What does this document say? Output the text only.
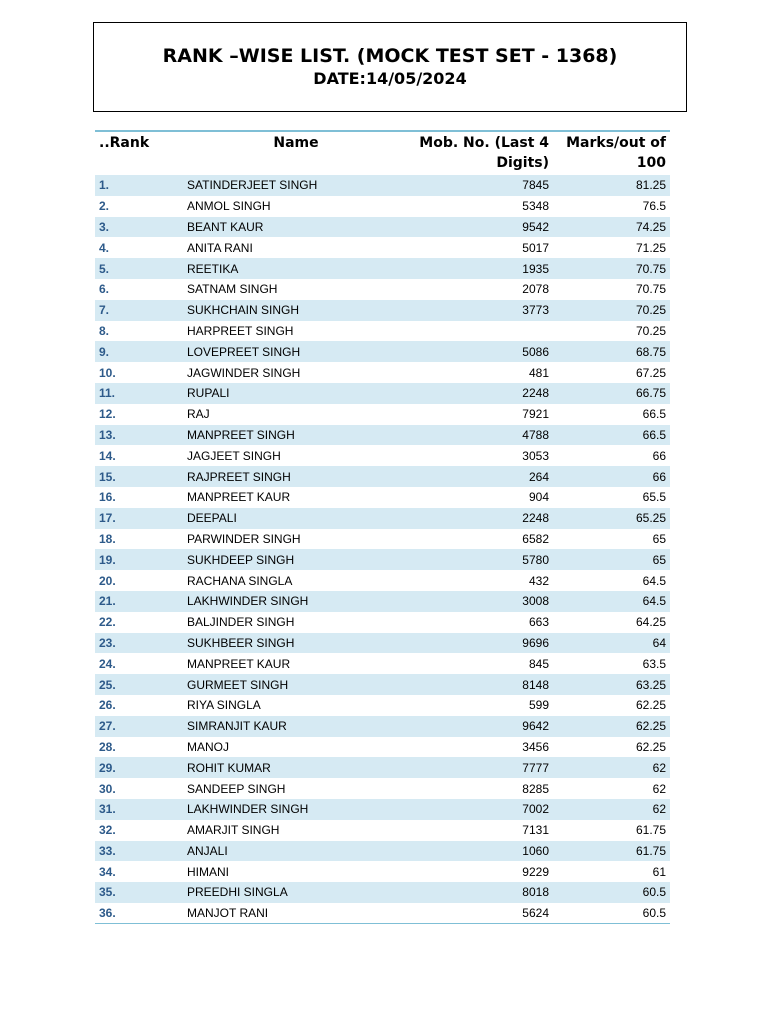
RANK –WISE LIST. (MOCK TEST SET - 1368)
DATE:14/05/2024
..Rank	Name	Mob. No. (Last 4 Digits)	Marks/out of 100
1.	SATINDERJEET SINGH	7845	81.25
2.	ANMOL SINGH	5348	76.5
3.	BEANT KAUR	9542	74.25
4.	ANITA RANI	5017	71.25
5.	REETIKA	1935	70.75
6.	SATNAM SINGH	2078	70.75
7.	SUKHCHAIN SINGH	3773	70.25
8.	HARPREET SINGH		70.25
9.	LOVEPREET SINGH	5086	68.75
10.	JAGWINDER SINGH	481	67.25
11.	RUPALI	2248	66.75
12.	RAJ	7921	66.5
13.	MANPREET SINGH	4788	66.5
14.	JAGJEET SINGH	3053	66
15.	RAJPREET SINGH	264	66
16.	MANPREET KAUR	904	65.5
17.	DEEPALI	2248	65.25
18.	PARWINDER SINGH	6582	65
19.	SUKHDEEP SINGH	5780	65
20.	RACHANA SINGLA	432	64.5
21.	LAKHWINDER SINGH	3008	64.5
22.	BALJINDER SINGH	663	64.25
23.	SUKHBEER SINGH	9696	64
24.	MANPREET KAUR	845	63.5
25.	GURMEET SINGH	8148	63.25
26.	RIYA SINGLA	599	62.25
27.	SIMRANJIT KAUR	9642	62.25
28.	MANOJ	3456	62.25
29.	ROHIT KUMAR	7777	62
30.	SANDEEP SINGH	8285	62
31.	LAKHWINDER SINGH	7002	62
32.	AMARJIT SINGH	7131	61.75
33.	ANJALI	1060	61.75
34.	HIMANI	9229	61
35.	PREEDHI SINGLA	8018	60.5
36.	MANJOT RANI	5624	60.5
